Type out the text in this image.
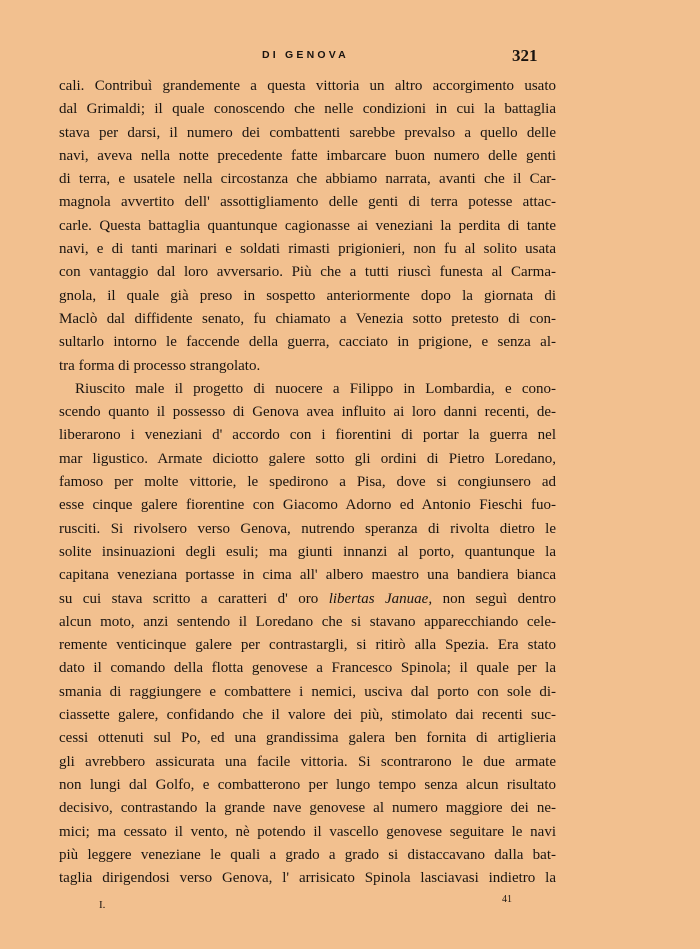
DI GENOVA	321
cali. Contribuì grandemente a questa vittoria un altro accorgimento usato
dal Grimaldi; il quale conoscendo che nelle condizioni in cui la battaglia
stava per darsi, il numero dei combattenti sarebbe prevalso a quello delle
navi, aveva nella notte precedente fatte imbarcare buon numero delle genti
di terra, e usatele nella circostanza che abbiamo narrata, avanti che il Car-
magnola avvertito dell' assottigliamento delle genti di terra potesse attac-
carle. Questa battaglia quantunque cagionasse ai veneziani la perdita di tante
navi, e di tanti marinari e soldati rimasti prigionieri, non fu al solito usata
con vantaggio dal loro avversario. Più che a tutti riuscì funesta al Carma-
gnola, il quale già preso in sospetto anteriormente dopo la giornata di
Maclò dal diffidente senato, fu chiamato a Venezia sotto pretesto di con-
sultarlo intorno le faccende della guerra, cacciato in prigione, e senza al-
tra forma di processo strangolato.
Riuscito male il progetto di nuocere a Filippo in Lombardia, e cono-
scendo quanto il possesso di Genova avea influito ai loro danni recenti, de-
liberarono i veneziani d' accordo con i fiorentini di portar la guerra nel
mar ligustico. Armate diciotto galere sotto gli ordini di Pietro Loredano,
famoso per molte vittorie, le spedirono a Pisa, dove si congiunsero ad
esse cinque galere fiorentine con Giacomo Adorno ed Antonio Fieschi fuo-
rusciti. Si rivolsero verso Genova, nutrendo speranza di rivolta dietro le
solite insinuazioni degli esuli; ma giunti innanzi al porto, quantunque la
capitana veneziana portasse in cima all' albero maestro una bandiera bianca
su cui stava scritto a caratteri d' oro libertas Januae, non seguì dentro
alcun moto, anzi sentendo il Loredano che si stavano apparecchiando cele-
remente venticinque galere per contrastargli, si ritirò alla Spezia. Era stato
dato il comando della flotta genovese a Francesco Spinola; il quale per la
smania di raggiungere e combattere i nemici, usciva dal porto con sole di-
ciassette galere, confidando che il valore dei più, stimolato dai recenti suc-
cessi ottenuti sul Po, ed una grandissima galera ben fornita di artiglieria
gli avrebbero assicurata una facile vittoria. Si scontrarono le due armate
non lungi dal Golfo, e combatterono per lungo tempo senza alcun risultato
decisivo, contrastando la grande nave genovese al numero maggiore dei ne-
mici; ma cessato il vento, nè potendo il vascello genovese seguitare le navi
più leggere veneziane le quali a grado a grado si distaccavano dalla bat-
taglia dirigendosi verso Genova, l' arrisicato Spinola lasciavasi indietro la
I.	41
